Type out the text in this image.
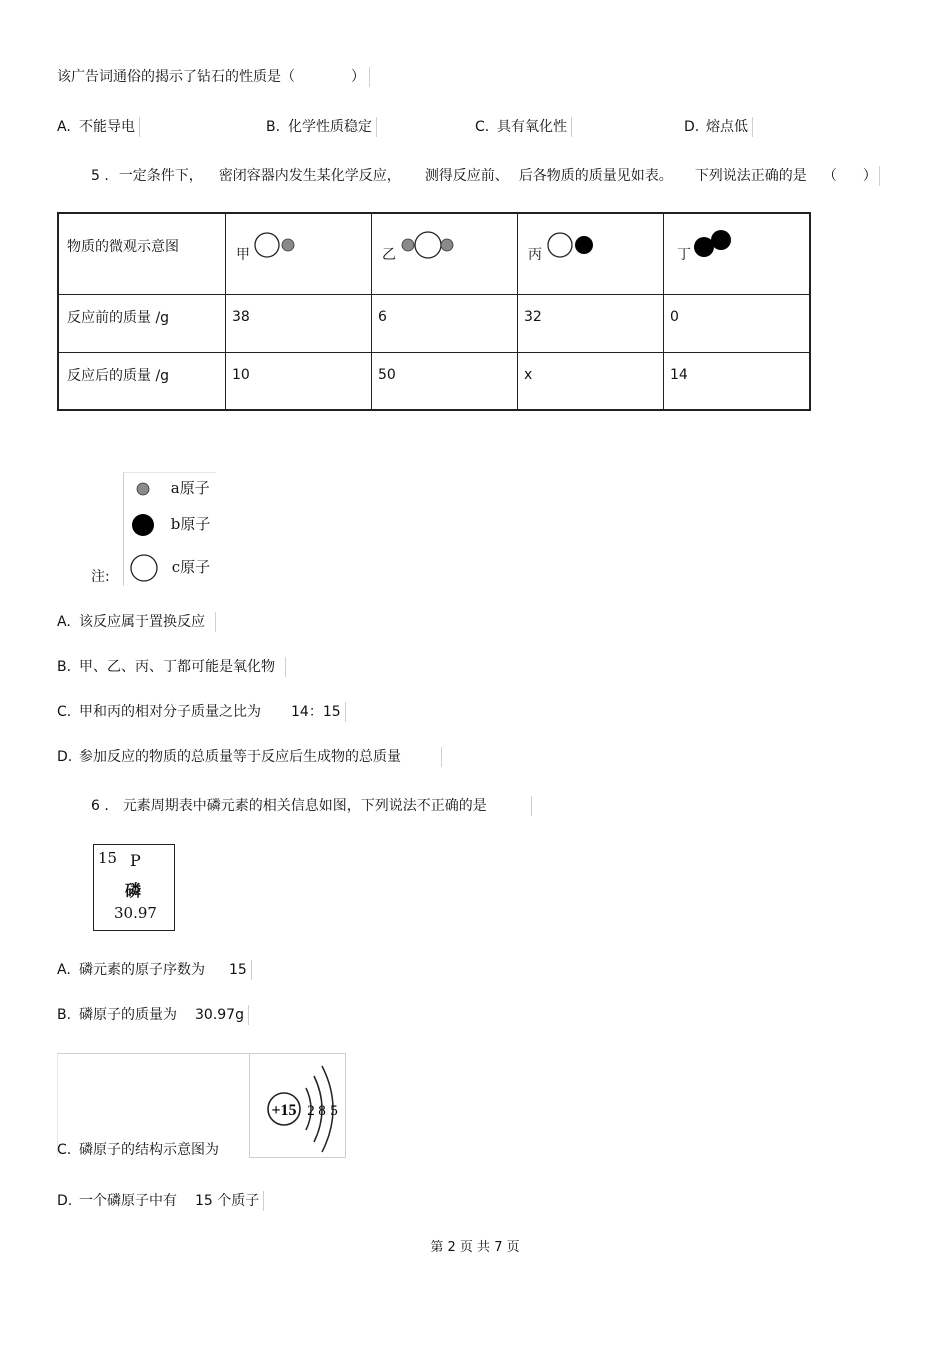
该广告词通俗的揭示了钻石的性质是（	）
A. 不能导电	B. 化学性质稳定	C. 具有氧化性	D. 熔点低
5 . 一定条件下， 密闭容器内发生某化学反应， 测得反应前、 后各物质的质量见如表。 下列说法正确的是 （ ）
物质的微观示意图	甲	乙	丙	丁

反应前的质量 /g	38	6	32	0

反应后的质量 /g	10	50	x	14
注:
a原子
b原子
c原子
A. 该反应属于置换反应
B. 甲、乙、丙、丁都可能是氧化物
C. 甲和丙的相对分子质量之比为 14：15
D. 参加反应的物质的总质量等于反应后生成物的总质量
6 . 元素周期表中磷元素的相关信息如图，下列说法不正确的是
15 P
磷
30.97
A. 磷元素的原子序数为 15
B. 磷原子的质量为 30.97g
C. 磷原子的结构示意图为
+15 2 8 5
D. 一个磷原子中有 15 个质子
第 2 页 共 7 页
